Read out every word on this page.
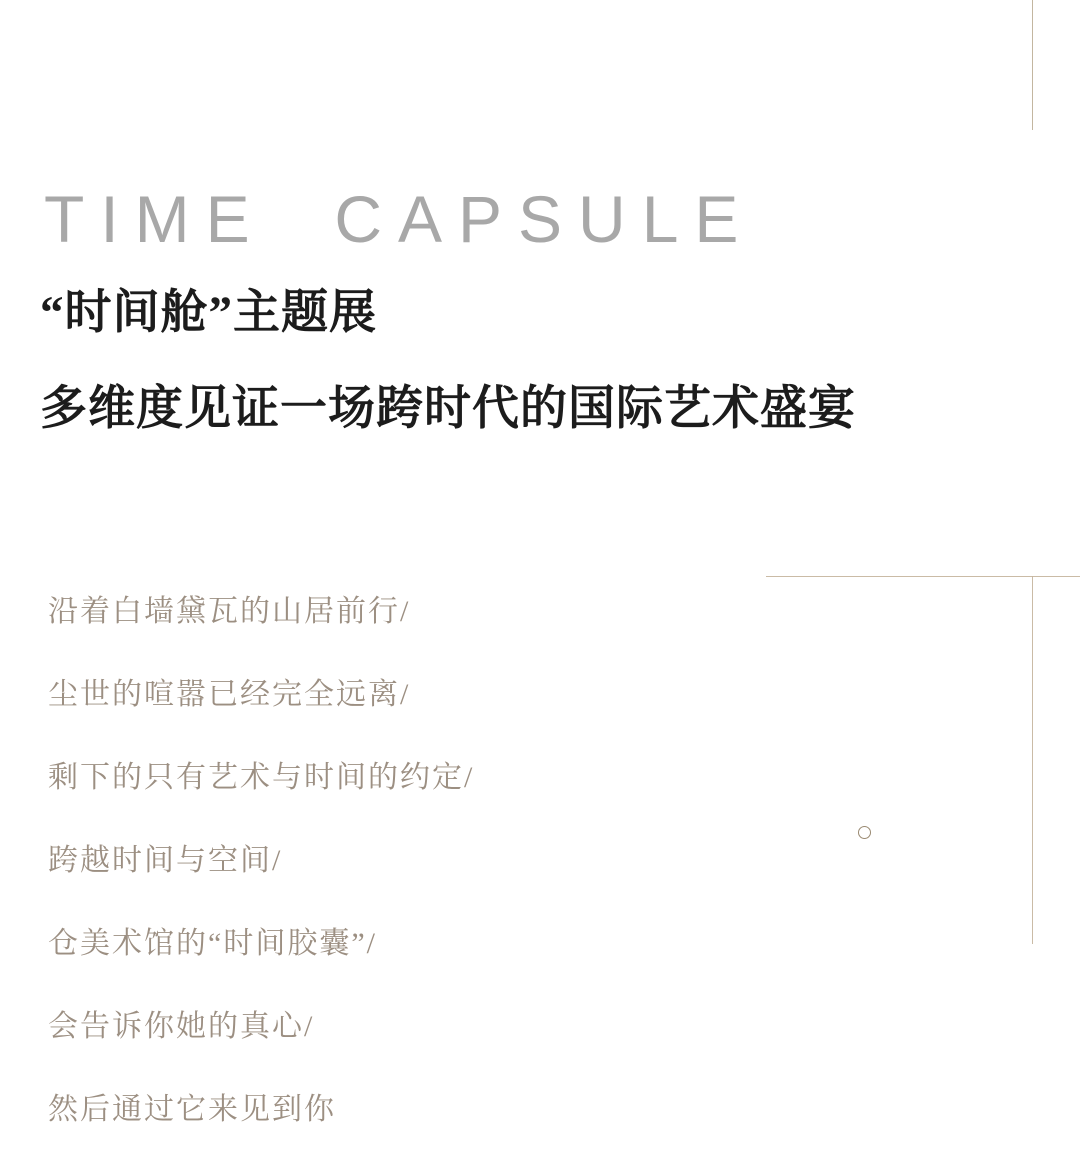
TIME  CAPSULE
“时间舱”主题展
多维度见证一场跨时代的国际艺术盛宴
沿着白墙黛瓦的山居前行/
尘世的喧嚣已经完全远离/
剩下的只有艺术与时间的约定/
跨越时间与空间/
仓美术馆的“时间胶囊”/
会告诉你她的真心/
然后通过它来见到你
